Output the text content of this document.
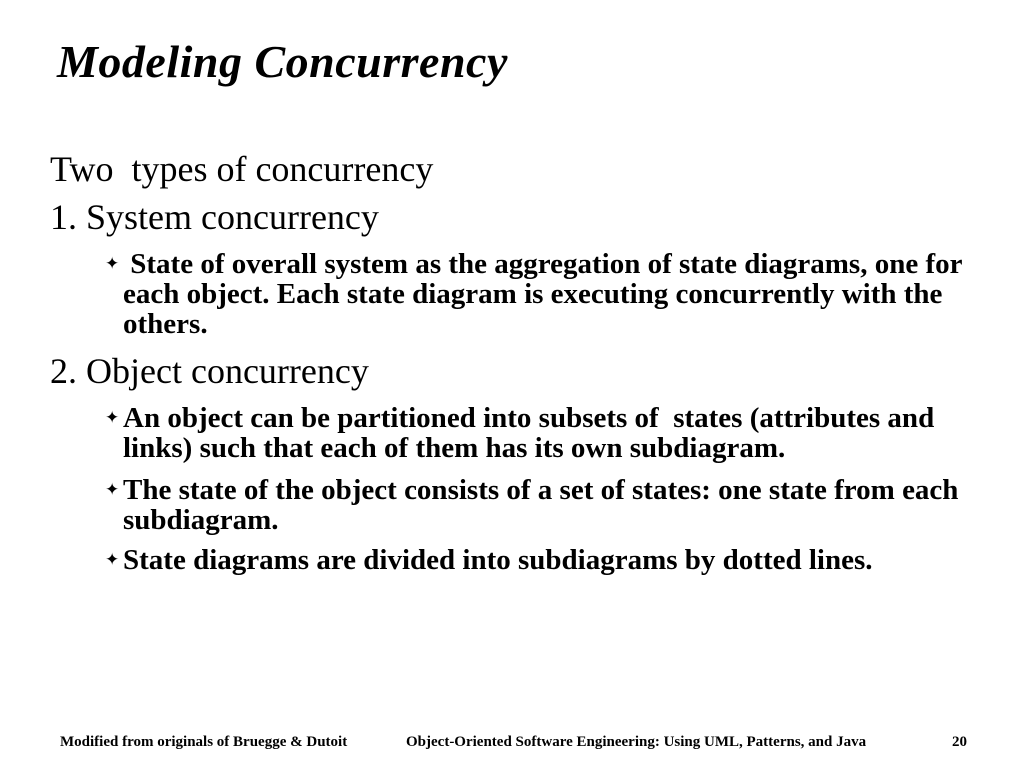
Modeling Concurrency

Two  types of concurrency

1. System concurrency

✦ State of overall system as the aggregation of state diagrams, one for
each object. Each state diagram is executing concurrently with the
others.

2. Object concurrency

✦ An object can be partitioned into subsets of  states (attributes and
links) such that each of them has its own subdiagram.
✦ The state of the object consists of a set of states: one state from each
subdiagram.
✦ State diagrams are divided into subdiagrams by dotted lines.
Modified from originals of Bruegge & Dutoit	Object-Oriented Software Engineering: Using UML, Patterns, and Java	20
